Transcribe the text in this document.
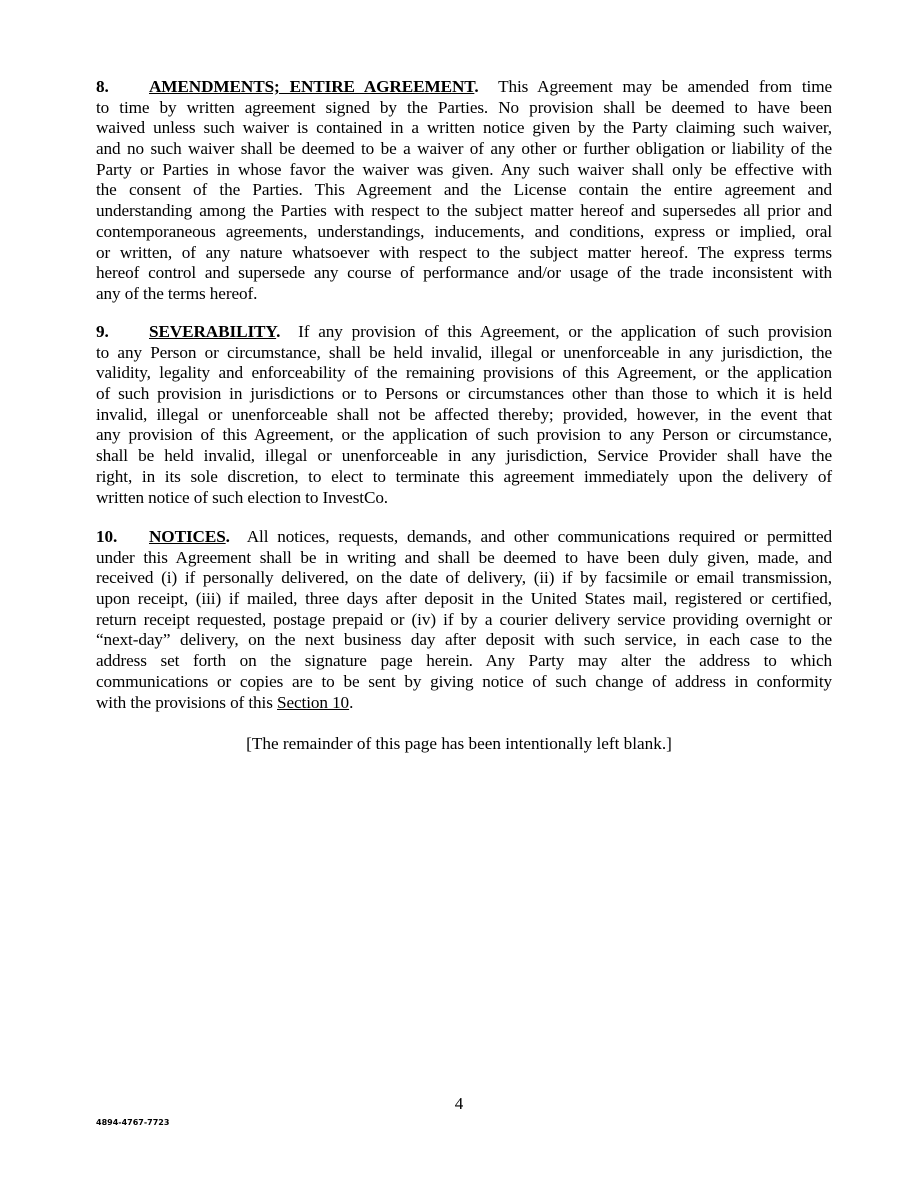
8. AMENDMENTS; ENTIRE AGREEMENT.  This Agreement may be amended from time
to time by written agreement signed by the Parties. No provision shall be deemed to have been
waived unless such waiver is contained in a written notice given by the Party claiming such waiver,
and no such waiver shall be deemed to be a waiver of any other or further obligation or liability of the
Party or Parties in whose favor the waiver was given. Any such waiver shall only be effective with
the consent of the Parties. This Agreement and the License contain the entire agreement and
understanding among the Parties with respect to the subject matter hereof and supersedes all prior and
contemporaneous agreements, understandings, inducements, and conditions, express or implied, oral
or written, of any nature whatsoever with respect to the subject matter hereof. The express terms
hereof control and supersede any course of performance and/or usage of the trade inconsistent with
any of the terms hereof.
9. SEVERABILITY.  If any provision of this Agreement, or the application of such provision
to any Person or circumstance, shall be held invalid, illegal or unenforceable in any jurisdiction, the
validity, legality and enforceability of the remaining provisions of this Agreement, or the application
of such provision in jurisdictions or to Persons or circumstances other than those to which it is held
invalid, illegal or unenforceable shall not be affected thereby; provided, however, in the event that
any provision of this Agreement, or the application of such provision to any Person or circumstance,
shall be held invalid, illegal or unenforceable in any jurisdiction, Service Provider shall have the
right, in its sole discretion, to elect to terminate this agreement immediately upon the delivery of
written notice of such election to InvestCo.
10. NOTICES.  All notices, requests, demands, and other communications required or permitted
under this Agreement shall be in writing and shall be deemed to have been duly given, made, and
received (i) if personally delivered, on the date of delivery, (ii) if by facsimile or email transmission,
upon receipt, (iii) if mailed, three days after deposit in the United States mail, registered or certified,
return receipt requested, postage prepaid or (iv) if by a courier delivery service providing overnight or
“next-day” delivery, on the next business day after deposit with such service, in each case to the
address set forth on the signature page herein. Any Party may alter the address to which
communications or copies are to be sent by giving notice of such change of address in conformity
with the provisions of this Section 10.
[The remainder of this page has been intentionally left blank.]
4
4894-4767-7723
